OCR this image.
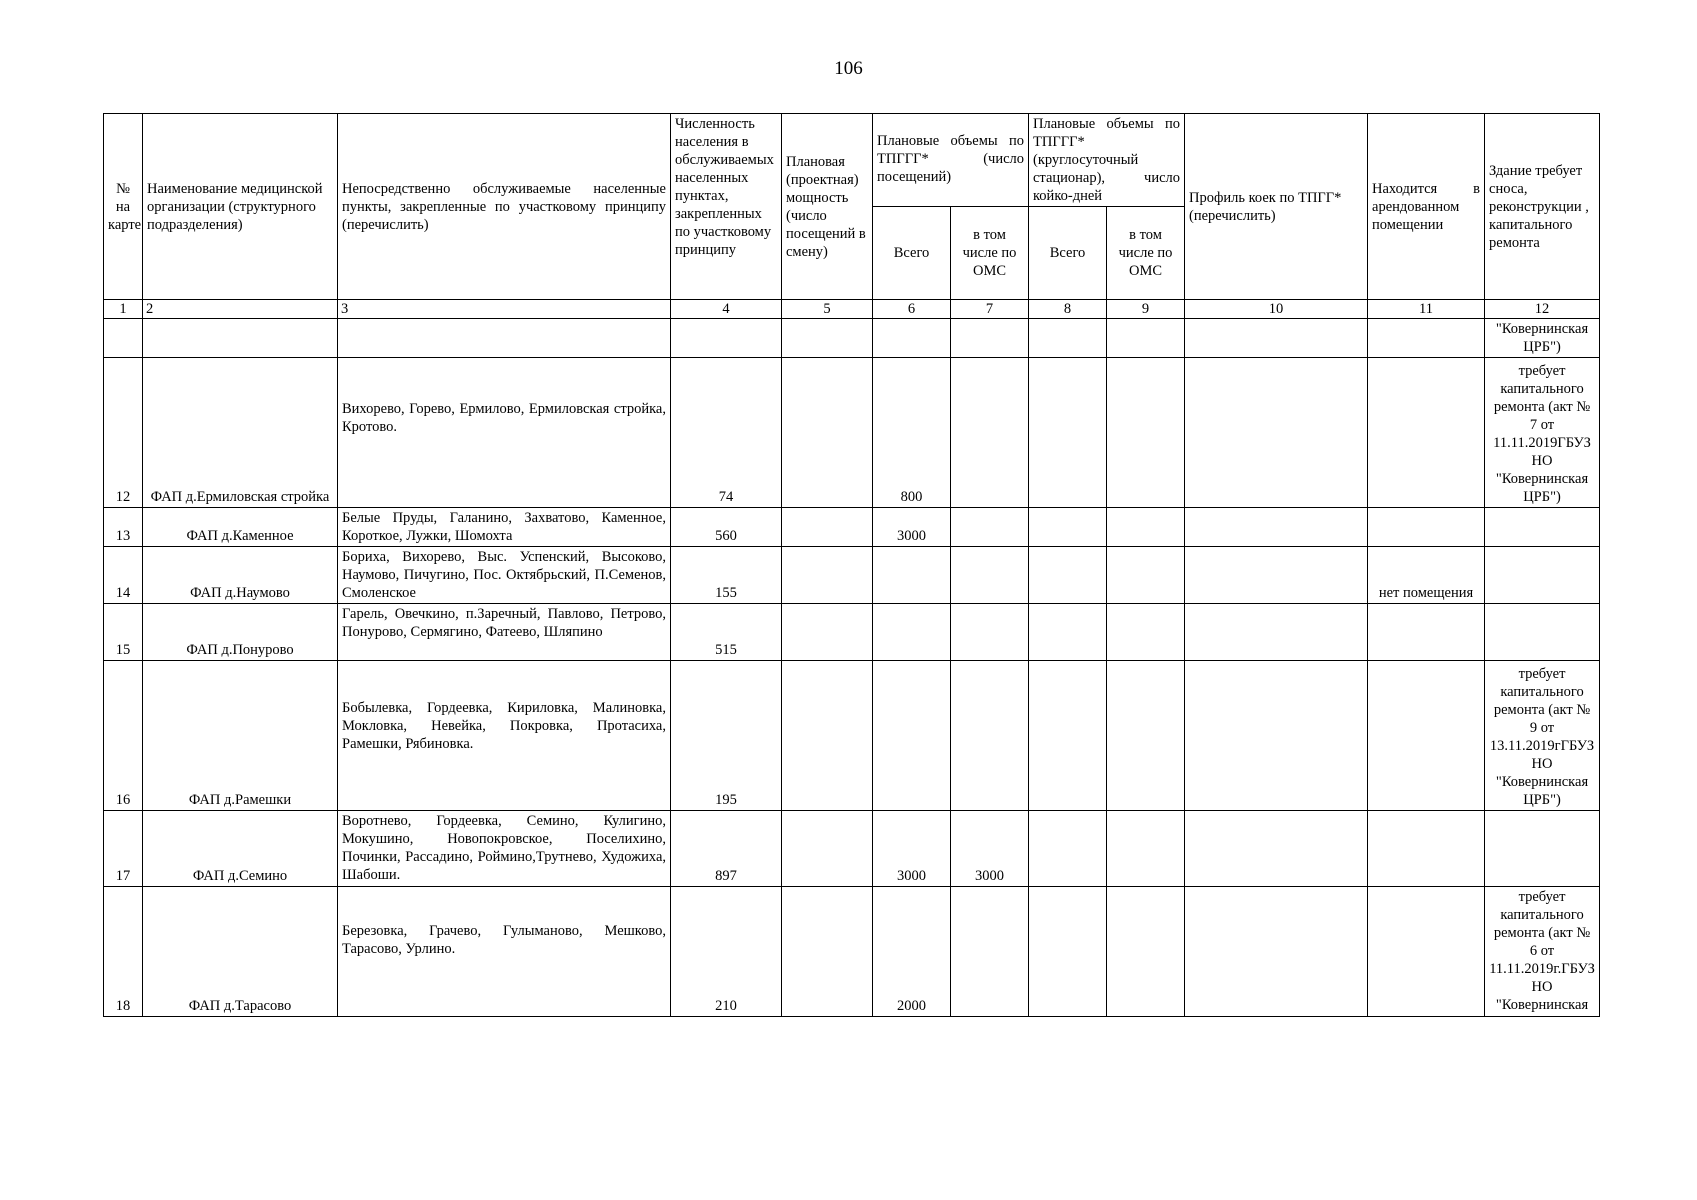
106
№ на карте	Наименование медицинской организации (структурного подразделения)	Непосредственно обслуживаемые населенные пункты, закрепленные по участковому принципу (перечислить)	Численность населения в обслуживаемых населенных пунктах, закрепленных по участковому принципу	Плановая (проектная) мощность (число посещений в смену)	Плановые объемы по ТПГГГ* (число посещений)		Плановые объемы по ТПГГГ* (круглосуточный стационар), число койко-дней		Профиль коек по ТПГГ* (перечислить)	Находится в арендованном помещении	Здание требует сноса, реконструкции , капитального ремонта
					Всего	в том числе по ОМС	Всего	в том числе по ОМС			
1	2	3	4	5	6	7	8	9	10	11	12
											"Ковернинская ЦРБ")
12	ФАП д.Ермиловская стройка	Вихорево, Горево, Ермилово, Ермиловская стройка, Кротово.	74		800						требует капитального ремонта (акт № 7 от 11.11.2019ГБУЗ НО "Ковернинская ЦРБ")
13	ФАП д.Каменное	Белые Пруды, Галанино, Захватово, Каменное, Короткое, Лужки, Шомохта	560		3000						
14	ФАП д.Наумово	Бориха, Вихорево, Выс. Успенский, Высоково, Наумово, Пичугино, Пос. Октябрьский, П.Семенов, Смоленское	155							нет помещения	
15	ФАП д.Понурово	Гарель, Овечкино, п.Заречный, Павлово, Петрово, Понурово, Сермягино, Фатеево, Шляпино	515								
16	ФАП д.Рамешки	Бобылевка, Гордеевка, Кириловка, Малиновка, Мокловка, Невейка, Покровка, Протасиха, Рамешки, Рябиновка.	195								требует капитального ремонта (акт № 9 от 13.11.2019гГБУЗ НО "Ковернинская ЦРБ")
17	ФАП д.Семино	Воротнево, Гордеевка, Семино, Кулигино, Мокушино, Новопокровское, Поселихино, Починки, Рассадино, Роймино,Трутнево, Художиха, Шабоши.	897		3000	3000					
18	ФАП д.Тарасово	Березовка, Грачево, Гулыманово, Мешково, Тарасово, Урлино.	210		2000						требует капитального ремонта (акт № 6 от 11.11.2019г.ГБУЗ НО "Ковернинская
